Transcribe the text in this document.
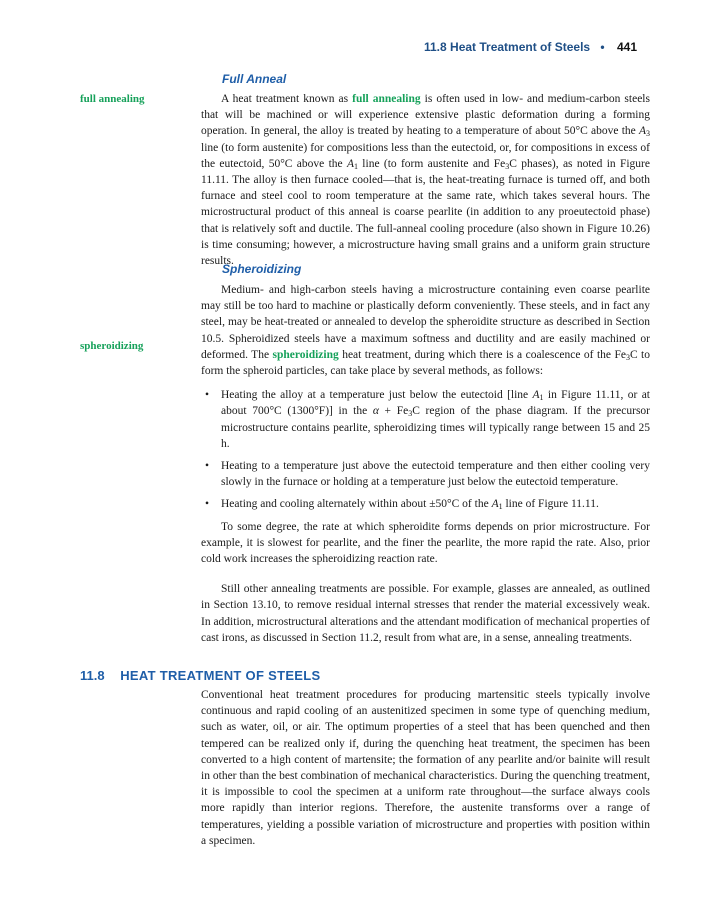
11.8 Heat Treatment of Steels • 441
Full Anneal
full annealing	A heat treatment known as full annealing is often used in low- and medium-carbon steels that will be machined or will experience extensive plastic deformation during a forming operation. In general, the alloy is treated by heating to a temperature of about 50°C above the $A_3$ line (to form austenite) for compositions less than the eutectoid, or, for compositions in excess of the eutectoid, 50°C above the $A_1$ line (to form austenite and $Fe_3C$ phases), as noted in Figure 11.11. The alloy is then furnace cooled—that is, the heat-treating furnace is turned off, and both furnace and steel cool to room temperature at the same rate, which takes several hours. The microstructural product of this anneal is coarse pearlite (in addition to any proeutectoid phase) that is relatively soft and ductile. The full-anneal cooling procedure (also shown in Figure 10.26) is time consuming; however, a microstructure having small grains and a uniform grain structure results.

Spheroidizing
spheroidizing

Medium- and high-carbon steels having a microstructure containing even coarse pearlite may still be too hard to machine or plastically deform conveniently. These steels, and in fact any steel, may be heat-treated or annealed to develop the spheroidite structure as described in Section 10.5. Spheroidized steels have a maximum softness and ductility and are easily machined or deformed. The spheroidizing heat treatment, during which there is a coalescence of the $Fe_3C$ to form the spheroid particles, can take place by several methods, as follows:

• Heating the alloy at a temperature just below the eutectoid [line $A_1$ in Figure 11.11, or at about 700°C (1300°F)] in the $\alpha + Fe_3C$ region of the phase diagram. If the precursor microstructure contains pearlite, spheroidizing times will typically range between 15 and 25 h.
• Heating to a temperature just above the eutectoid temperature and then either cooling very slowly in the furnace or holding at a temperature just below the eutectoid temperature.
• Heating and cooling alternately within about ±50°C of the $A_1$ line of Figure 11.11.

To some degree, the rate at which spheroidite forms depends on prior microstructure. For example, it is slowest for pearlite, and the finer the pearlite, the more rapid the rate. Also, prior cold work increases the spheroidizing reaction rate.

Still other annealing treatments are possible. For example, glasses are annealed, as outlined in Section 13.10, to remove residual internal stresses that render the material excessively weak. In addition, microstructural alterations and the attendant modification of mechanical properties of cast irons, as discussed in Section 11.2, result from what are, in a sense, annealing treatments.

11.8 HEAT TREATMENT OF STEELS

Conventional heat treatment procedures for producing martensitic steels typically involve continuous and rapid cooling of an austenitized specimen in some type of quenching medium, such as water, oil, or air. The optimum properties of a steel that has been quenched and then tempered can be realized only if, during the quenching heat treatment, the specimen has been converted to a high content of martensite; the formation of any pearlite and/or bainite will result in other than the best combination of mechanical characteristics. During the quenching treatment, it is impossible to cool the specimen at a uniform rate throughout—the surface always cools more rapidly than interior regions. Therefore, the austenite transforms over a range of temperatures, yielding a possible variation of microstructure and properties with position within a specimen.
